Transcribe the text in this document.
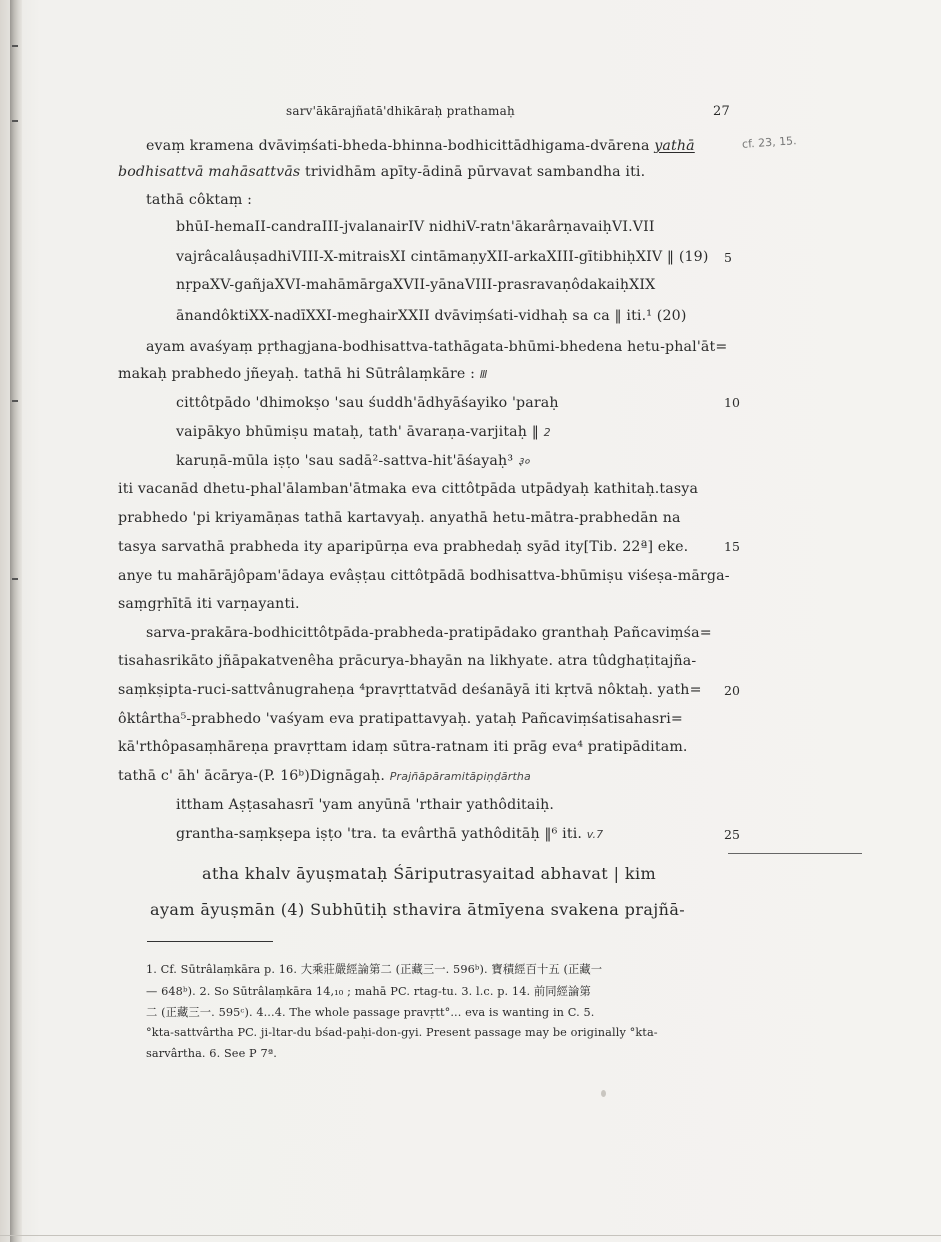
sarv'ākārajñatā'dhikāraḥ prathamaḥ	27
cf. 23, 15.
evaṃ kramena dvāviṃśati-bheda-bhinna-bodhicittādhigama-dvārena yathā
bodhisattvā mahāsattvās trividhām apīty-ādinā pūrvavat sambandha iti.
tathā côktaṃ :
bhūI-hemaII-candraIII-jvalanairIV nidhiV-ratn'ākarârṇavaiḥVI.VII
vajrâcalâuṣadhiVIII-X-mitraisXI cintāmaṇyXII-arkaXIII-gītibhiḥXIV ‖ (19) 5
nṛpaXV-gañjaXVI-mahāmārgaXVII-yānaVIII-prasravaṇôdakaiḥXIX
ānandôktiXX-nadīXXI-meghairXXII dvāviṃśati-vidhaḥ sa ca ‖ iti.¹ (20)
ayam avaśyaṃ pṛthagjana-bodhisattva-tathāgata-bhūmi-bhedena hetu-phal'āt=
makaḥ prabhedo jñeyaḥ. tathā hi Sūtrâlaṃkāre : Ⅲ
cittôtpādo 'dhimokṣo 'sau śuddh'ādhyāśayiko 'paraḥ	10
vaipākyo bhūmiṣu mataḥ, tath' āvaraṇa-varjitaḥ ‖ 2
karuṇā-mūla iṣṭo 'sau sadā²-sattva-hit'āśayaḥ³ ३०
iti vacanād dhetu-phal'ālamban'ātmaka eva cittôtpāda utpādyaḥ kathitaḥ.tasya
prabhedo 'pi kriyamāṇas tathā kartavyaḥ. anyathā hetu-mātra-prabhedān na
tasya sarvathā prabheda ity aparipūrṇa eva prabhedaḥ syād ity[Tib. 22ª] eke.	15
anye tu mahārājôpam'ādaya evâṣṭau cittôtpādā bodhisattva-bhūmiṣu viśeṣa-mārga-
saṃgṛhītā iti varṇayanti.
sarva-prakāra-bodhicittôtpāda-prabheda-pratipādako granthaḥ Pañcaviṃśa=
tisahasrikāto jñāpakatvenêha prācurya-bhayān na likhyate. atra tûdghaṭitajña-
saṃkṣipta-ruci-sattvânugraheṇa ⁴pravṛttatvād deśanāyā iti kṛtvā nôktaḥ. yath= 20
ôktârtha⁵-prabhedo 'vaśyam eva pratipattavyaḥ. yataḥ Pañcaviṃśatisahasri=
kā'rthôpasaṃhāreṇa pravṛttam idaṃ sūtra-ratnam iti prāg eva⁴ pratipāditam.
tathā c' āh' ācārya-(P. 16ᵇ)Dignāgaḥ. Prajñāpāramitāpiṇḍārtha
ittham Aṣṭasahasrī 'yam anyūnā 'rthair yathôditaiḥ.
grantha-saṃkṣepa iṣṭo 'tra. ta evârthā yathôditāḥ ‖⁶ iti. v.7	25
atha khalv āyuṣmataḥ Śāriputrasyaitad abhavat | kim
ayam āyuṣmān (4) Subhūtiḥ sthavira ātmīyena svakena prajñā-
1. Cf. Sūtrâlaṃkāra p. 16. 大乘莊嚴經論第二 (正藏三一. 596ᵇ). 寶積經百十五 (正藏一
— 648ᵇ). 2. So Sūtrâlaṃkāra 14,₁₀ ; mahā PC. rtag-tu. 3. l.c. p. 14. 前同經論第
二 (正藏三一. 595ᶜ). 4...4. The whole passage pravṛtt°... eva is wanting in C. 5.
°kta-sattvârtha PC. ji-ltar-du bśad-paḥi-don-gyi. Present passage may be originally °kta-
sarvârtha. 6. See P 7ª.
